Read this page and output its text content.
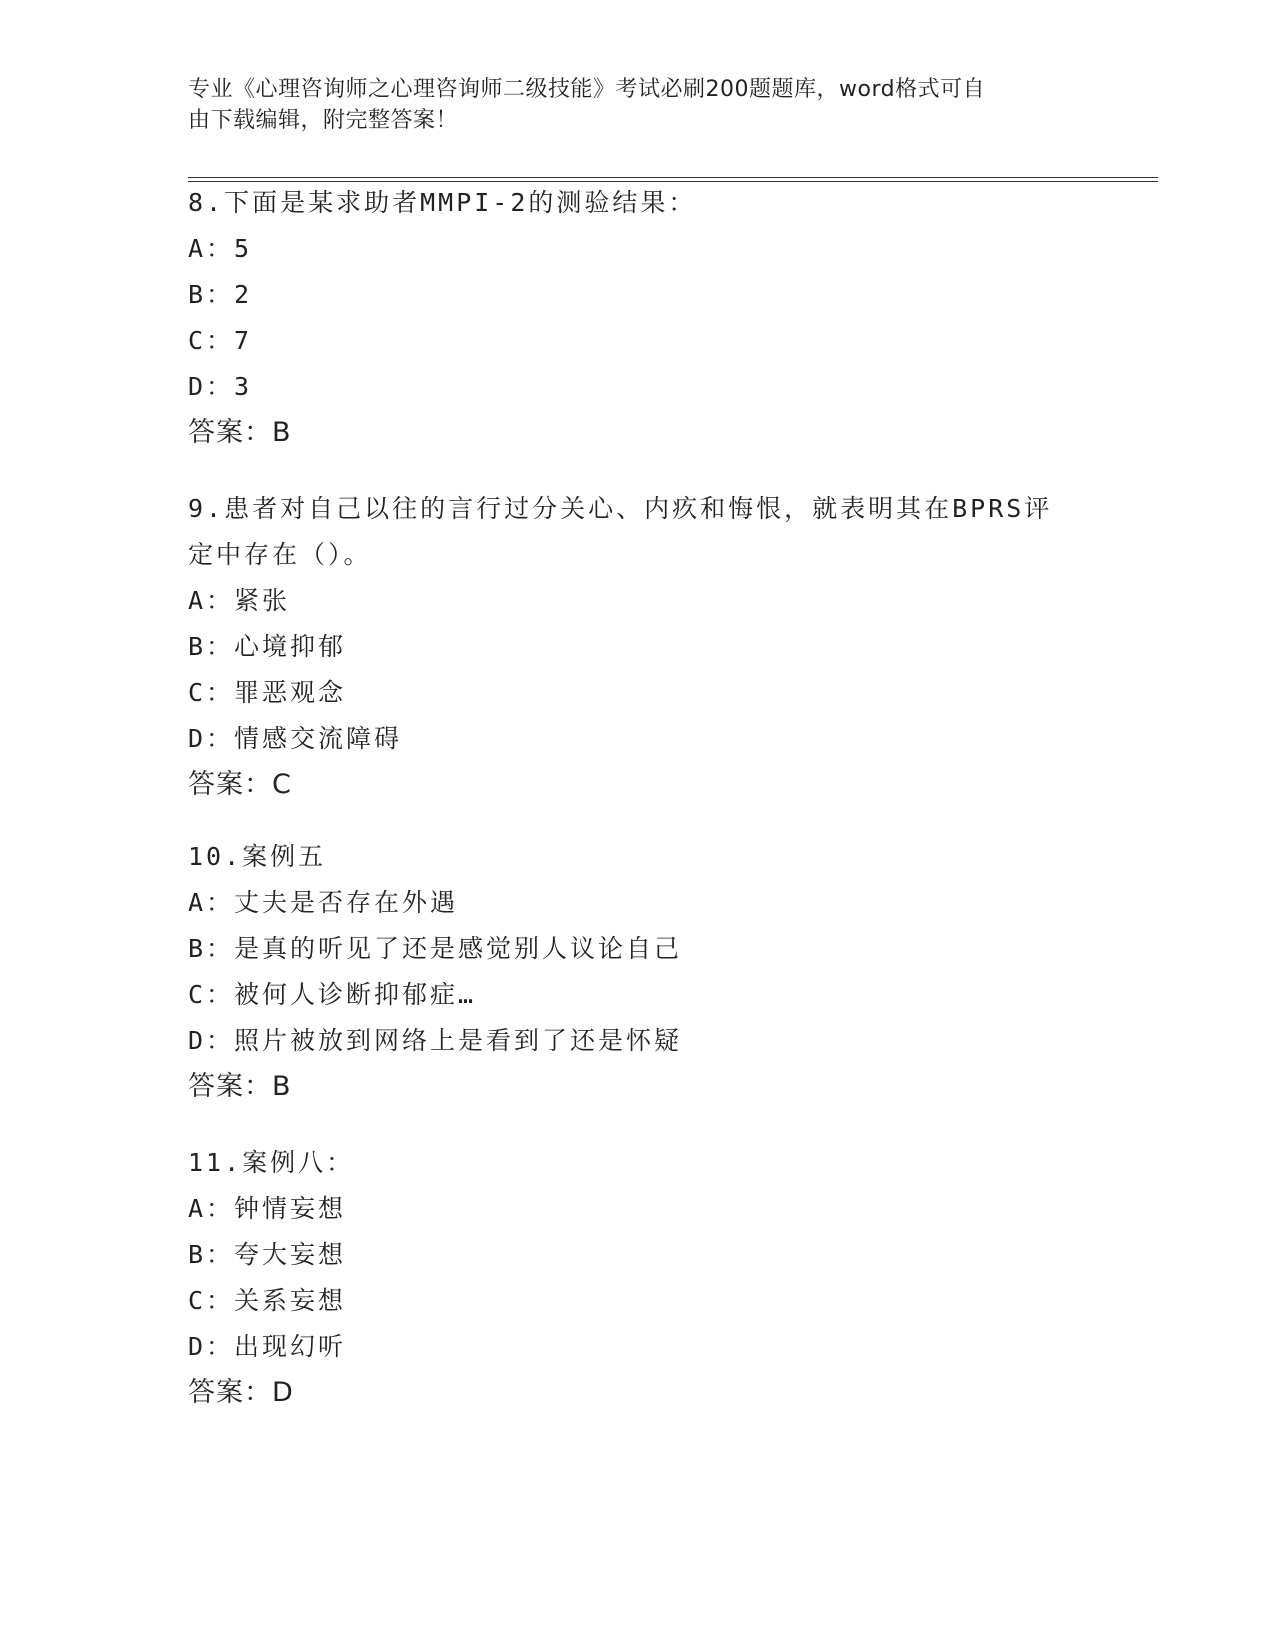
专业《心理咨询师之心理咨询师二级技能》考试必刷200题题库，word格式可自
由下载编辑，附完整答案！
8.下面是某求助者MMPI-2的测验结果：
A：5
B：2
C：7
D：3
答案：B
9.患者对自己以往的言行过分关心、内疚和悔恨，就表明其在BPRS评
定中存在（）。
A：紧张
B：心境抑郁
C：罪恶观念
D：情感交流障碍
答案：C
10.案例五
A：丈夫是否存在外遇
B：是真的听见了还是感觉别人议论自己
C：被何人诊断抑郁症…
D：照片被放到网络上是看到了还是怀疑
答案：B
11.案例八：
A：钟情妄想
B：夸大妄想
C：关系妄想
D：出现幻听
答案：D
